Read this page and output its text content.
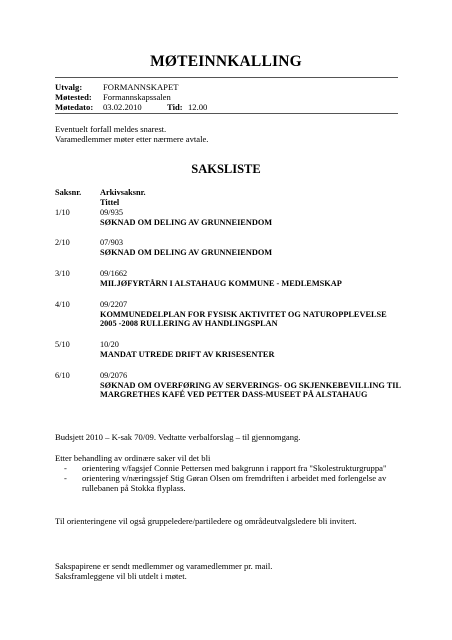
MØTEINNKALLING
Utvalg: FORMANNSKAPET
Møtested: Formannskapssalen
Møtedato: 03.02.2010	Tid: 12.00
Eventuelt forfall meldes snarest.
Varamedlemmer møter etter nærmere avtale.
SAKSLISTE
Saksnr. Arkivsaksnr.
Tittel
1/10	09/935
SØKNAD OM DELING AV GRUNNEIENDOM
2/10	07/903
SØKNAD OM DELING AV GRUNNEIENDOM
3/10	09/1662
MILJØFYRTÅRN I ALSTAHAUG KOMMUNE - MEDLEMSKAP
4/10	09/2207
KOMMUNEDELPLAN FOR FYSISK AKTIVITET OG NATUROPPLEVELSE 2005 -2008 RULLERING AV HANDLINGSPLAN
5/10	10/20
MANDAT UTREDE DRIFT AV KRISESENTER
6/10	09/2076
SØKNAD OM OVERFØRING AV SERVERINGS- OG SKJENKEBEVILLING TIL MARGRETHES KAFÉ VED PETTER DASS-MUSEET PÅ ALSTAHAUG
Budsjett 2010 – K-sak 70/09. Vedtatte verbalforslag – til gjennomgang.
Etter behandling av ordinære saker vil det bli
- orientering v/fagsjef Connie Pettersen med bakgrunn i rapport fra "Skolestrukturgruppa"
- orientering v/næringssjef Stig Gøran Olsen om fremdriften i arbeidet med forlengelse av rullebanen på Stokka flyplass.
Til orienteringene vil også gruppeledere/partiledere og områdeutvalgsledere bli invitert.
Sakspapirene er sendt medlemmer og varamedlemmer pr. mail.
Saksframleggene vil bli utdelt i møtet.
